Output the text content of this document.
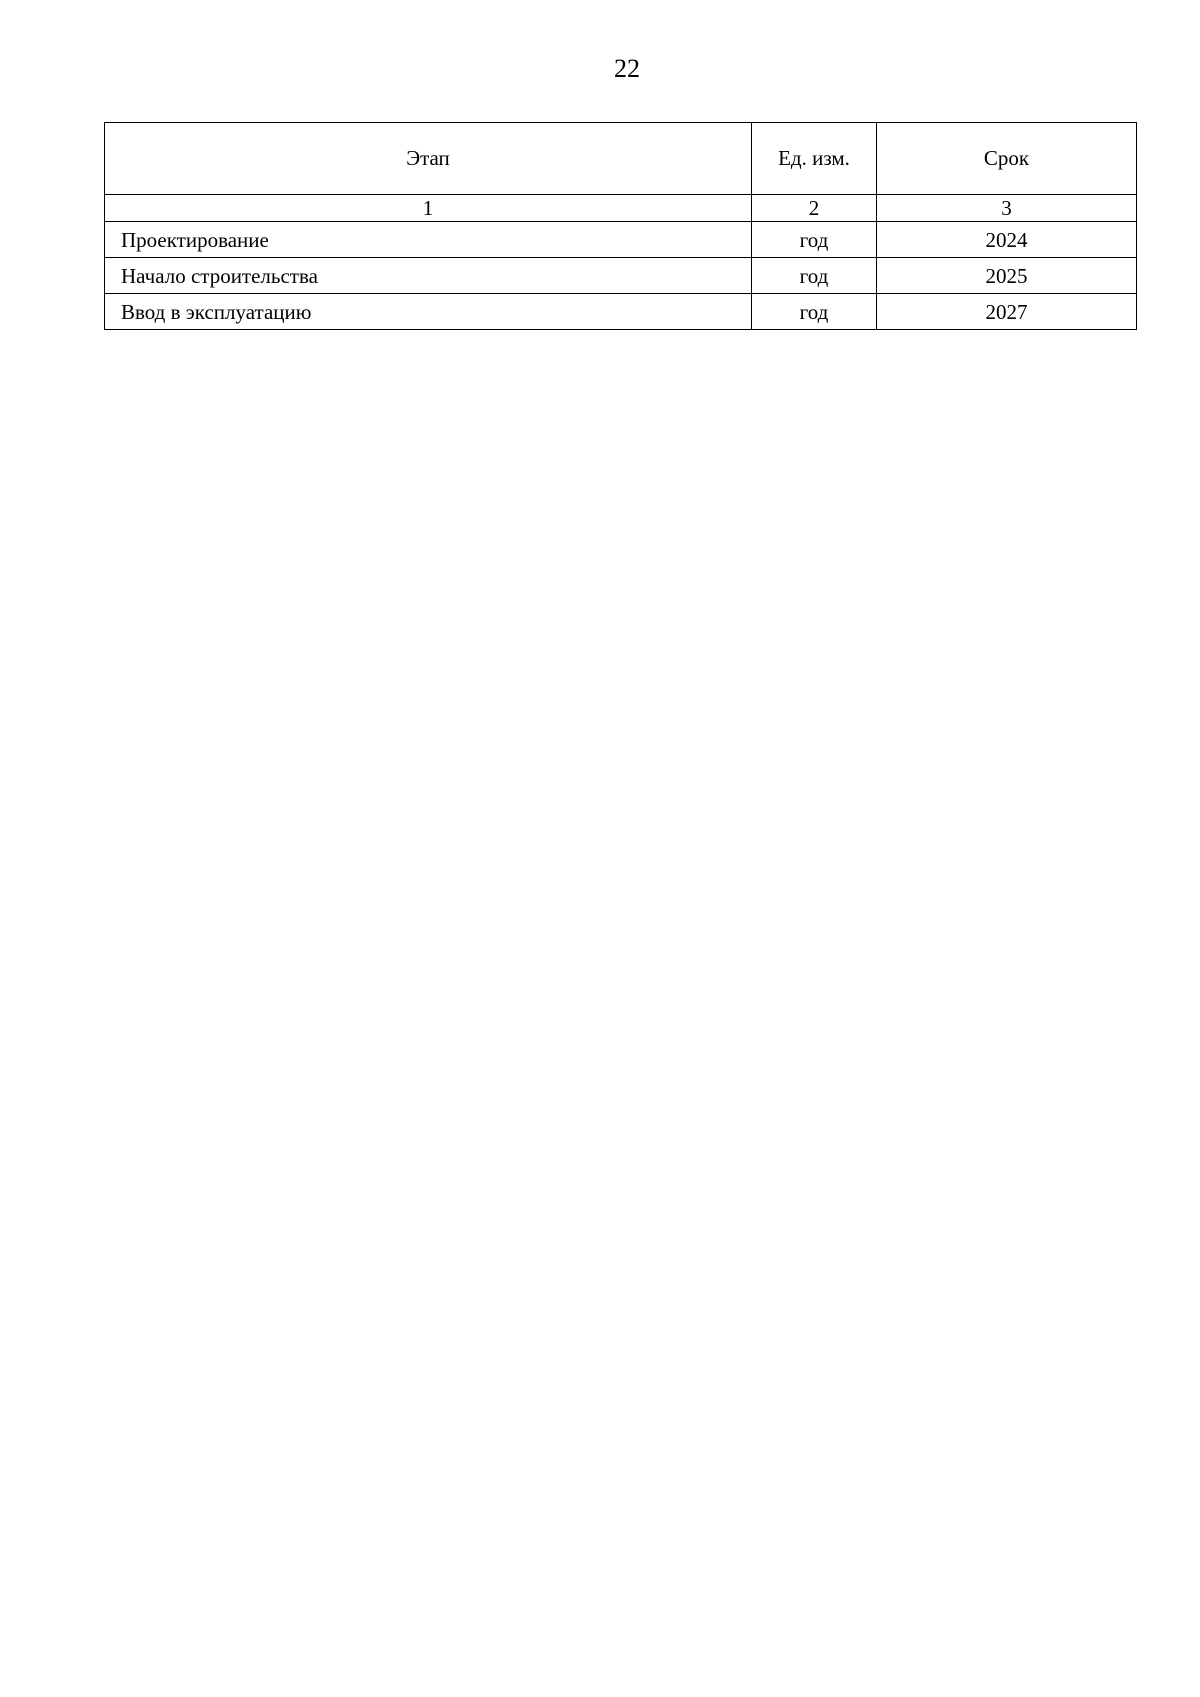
22
Этап	Ед. изм.	Срок
1	2	3
Проектирование	год	2024
Начало строительства	год	2025
Ввод в эксплуатацию	год	2027
